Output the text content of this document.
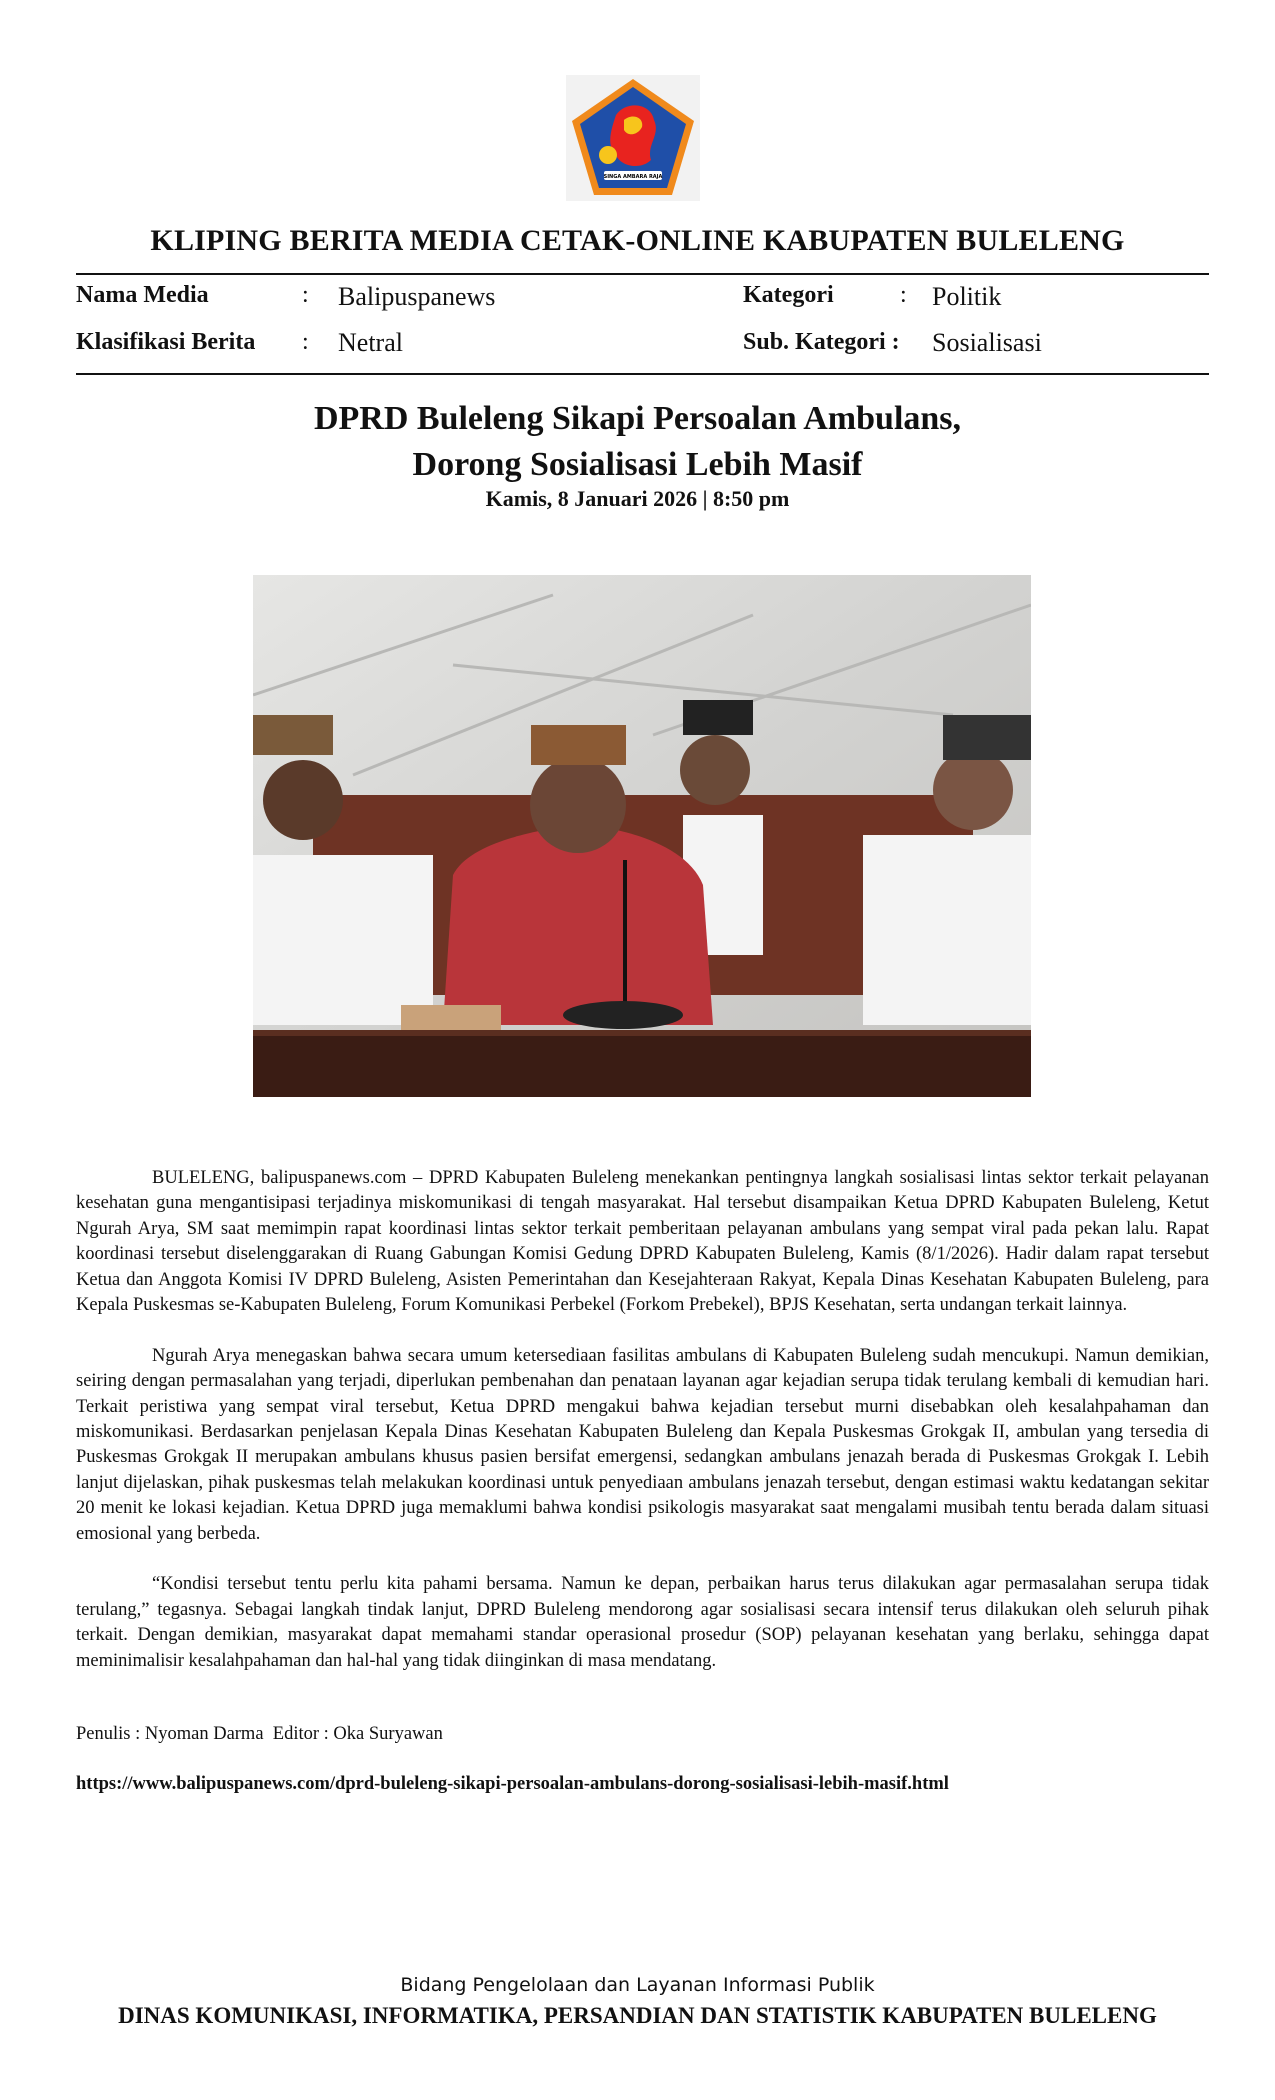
SINGA AMBARA RAJA
KLIPING BERITA MEDIA CETAK-ONLINE KABUPATEN BULELENG
Nama Media	: Balipuspanews
Klasifikasi Berita : Netral
Kategori	: Politik
Sub. Kategori : Sosialisasi
DPRD Buleleng Sikapi Persoalan Ambulans,
Dorong Sosialisasi Lebih Masif
Kamis, 8 Januari 2026 | 8:50 pm

BULELENG, balipuspanews.com – DPRD Kabupaten Buleleng menekankan pentingnya langkah sosialisasi lintas sektor terkait pelayanan kesehatan guna mengantisipasi terjadinya miskomunikasi di tengah masyarakat. Hal tersebut disampaikan Ketua DPRD Kabupaten Buleleng, Ketut Ngurah Arya, SM saat memimpin rapat koordinasi lintas sektor terkait pemberitaan pelayanan ambulans yang sempat viral pada pekan lalu. Rapat koordinasi tersebut diselenggarakan di Ruang Gabungan Komisi Gedung DPRD Kabupaten Buleleng, Kamis (8/1/2026). Hadir dalam rapat tersebut Ketua dan Anggota Komisi IV DPRD Buleleng, Asisten Pemerintahan dan Kesejahteraan Rakyat, Kepala Dinas Kesehatan Kabupaten Buleleng, para Kepala Puskesmas se-Kabupaten Buleleng, Forum Komunikasi Perbekel (Forkom Prebekel), BPJS Kesehatan, serta undangan terkait lainnya.

Ngurah Arya menegaskan bahwa secara umum ketersediaan fasilitas ambulans di Kabupaten Buleleng sudah mencukupi. Namun demikian, seiring dengan permasalahan yang terjadi, diperlukan pembenahan dan penataan layanan agar kejadian serupa tidak terulang kembali di kemudian hari. Terkait peristiwa yang sempat viral tersebut, Ketua DPRD mengakui bahwa kejadian tersebut murni disebabkan oleh kesalahpahaman dan miskomunikasi. Berdasarkan penjelasan Kepala Dinas Kesehatan Kabupaten Buleleng dan Kepala Puskesmas Grokgak II, ambulan yang tersedia di Puskesmas Grokgak II merupakan ambulans khusus pasien bersifat emergensi, sedangkan ambulans jenazah berada di Puskesmas Grokgak I. Lebih lanjut dijelaskan, pihak puskesmas telah melakukan koordinasi untuk penyediaan ambulans jenazah tersebut, dengan estimasi waktu kedatangan sekitar 20 menit ke lokasi kejadian. Ketua DPRD juga memaklumi bahwa kondisi psikologis masyarakat saat mengalami musibah tentu berada dalam situasi emosional yang berbeda.

“Kondisi tersebut tentu perlu kita pahami bersama. Namun ke depan, perbaikan harus terus dilakukan agar permasalahan serupa tidak terulang,” tegasnya. Sebagai langkah tindak lanjut, DPRD Buleleng mendorong agar sosialisasi secara intensif terus dilakukan oleh seluruh pihak terkait. Dengan demikian, masyarakat dapat memahami standar operasional prosedur (SOP) pelayanan kesehatan yang berlaku, sehingga dapat meminimalisir kesalahpahaman dan hal-hal yang tidak diinginkan di masa mendatang.

Penulis : Nyoman Darma  Editor : Oka Suryawan
https://www.balipuspanews.com/dprd-buleleng-sikapi-persoalan-ambulans-dorong-sosialisasi-lebih-masif.html
Bidang Pengelolaan dan Layanan Informasi Publik
DINAS KOMUNIKASI, INFORMATIKA, PERSANDIAN DAN STATISTIK KABUPATEN BULELENG
